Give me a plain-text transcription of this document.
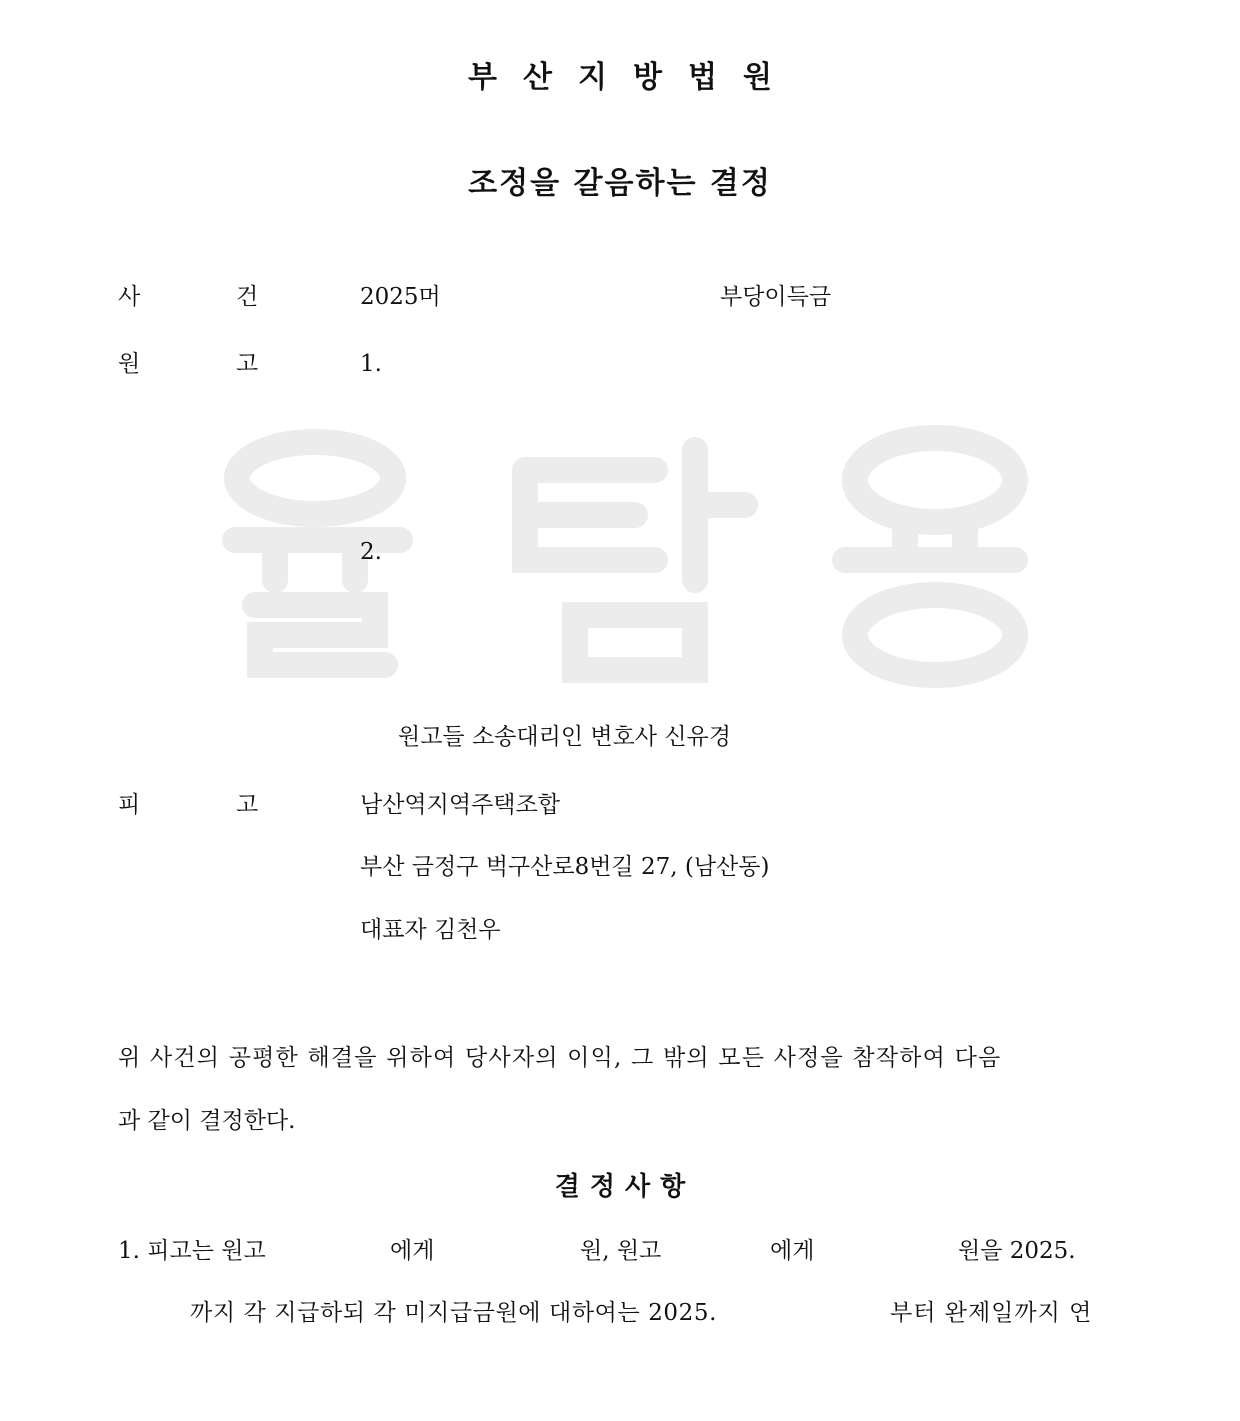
부산지방법원
조정을 갈음하는 결정
사	건	2025머	부당이득금
원	고	1.
2.
원고들 소송대리인 변호사 신유경
피	고	남산역지역주택조합
부산 금정구 벅구산로8번길 27, (남산동)
대표자 김천우
위 사건의 공평한 해결을 위하여 당사자의 이익, 그 밖의 모든 사정을 참작하여 다음
과 같이 결정한다.
결정사항
1. 피고는 원고	에게	원, 원고	에게	원을 2025.
까지 각 지급하되 각 미지급금원에 대하여는 2025.	부터 완제일까지 연
